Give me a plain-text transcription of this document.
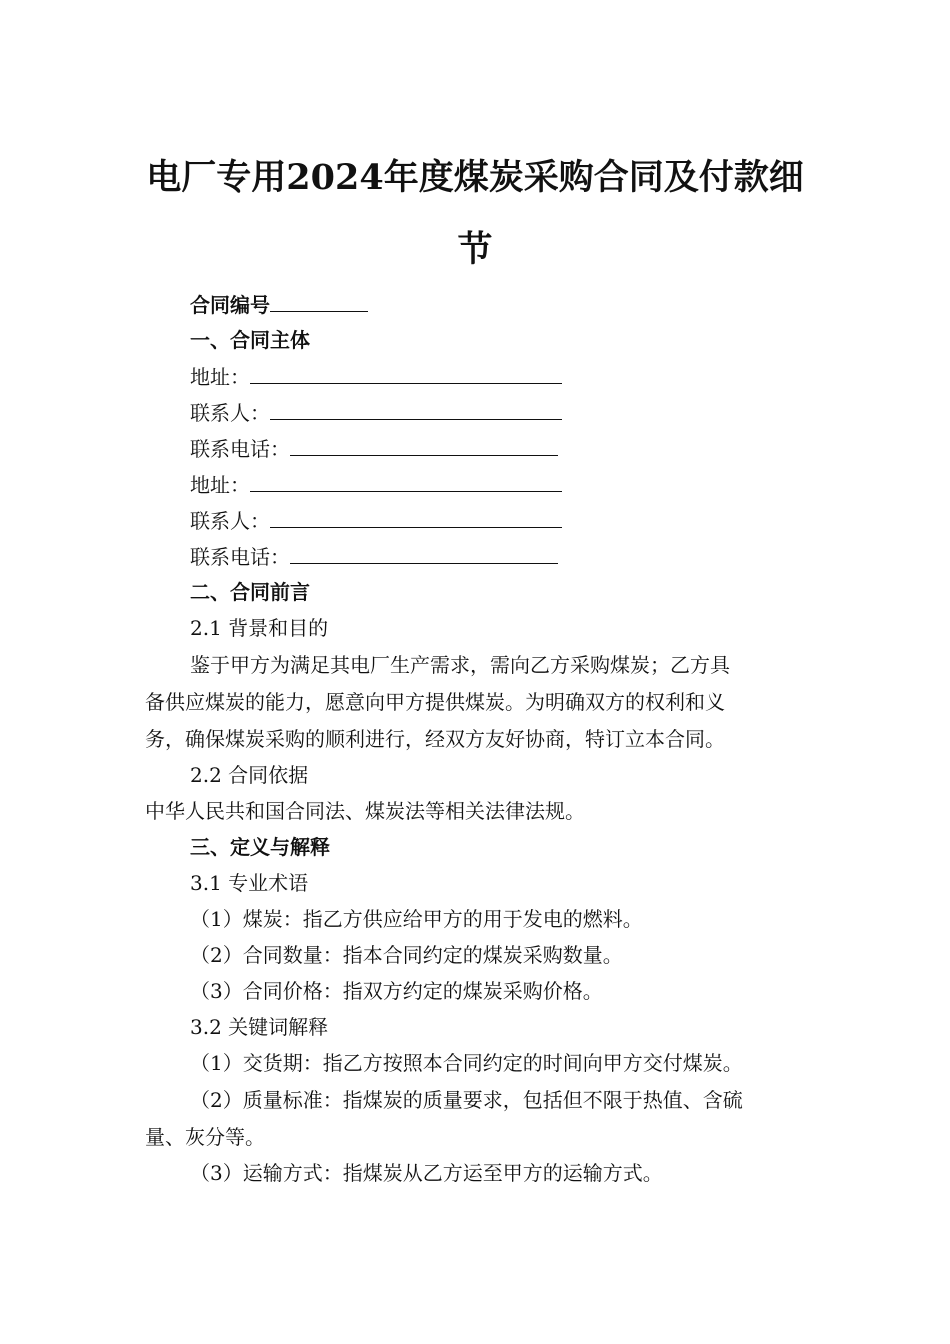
电厂专用2024年度煤炭采购合同及付款细
节
合同编号
一、合同主体
地址：
联系人：
联系电话：
地址：
联系人：
联系电话：
二、合同前言
2.1 背景和目的
鉴于甲方为满足其电厂生产需求，需向乙方采购煤炭；乙方具
备供应煤炭的能力，愿意向甲方提供煤炭。为明确双方的权利和义
务，确保煤炭采购的顺利进行，经双方友好协商，特订立本合同。
2.2 合同依据
中华人民共和国合同法、煤炭法等相关法律法规。
三、定义与解释
3.1 专业术语
（1）煤炭：指乙方供应给甲方的用于发电的燃料。
（2）合同数量：指本合同约定的煤炭采购数量。
（3）合同价格：指双方约定的煤炭采购价格。
3.2 关键词解释
（1）交货期：指乙方按照本合同约定的时间向甲方交付煤炭。
（2）质量标准：指煤炭的质量要求，包括但不限于热值、含硫
量、灰分等。
（3）运输方式：指煤炭从乙方运至甲方的运输方式。
